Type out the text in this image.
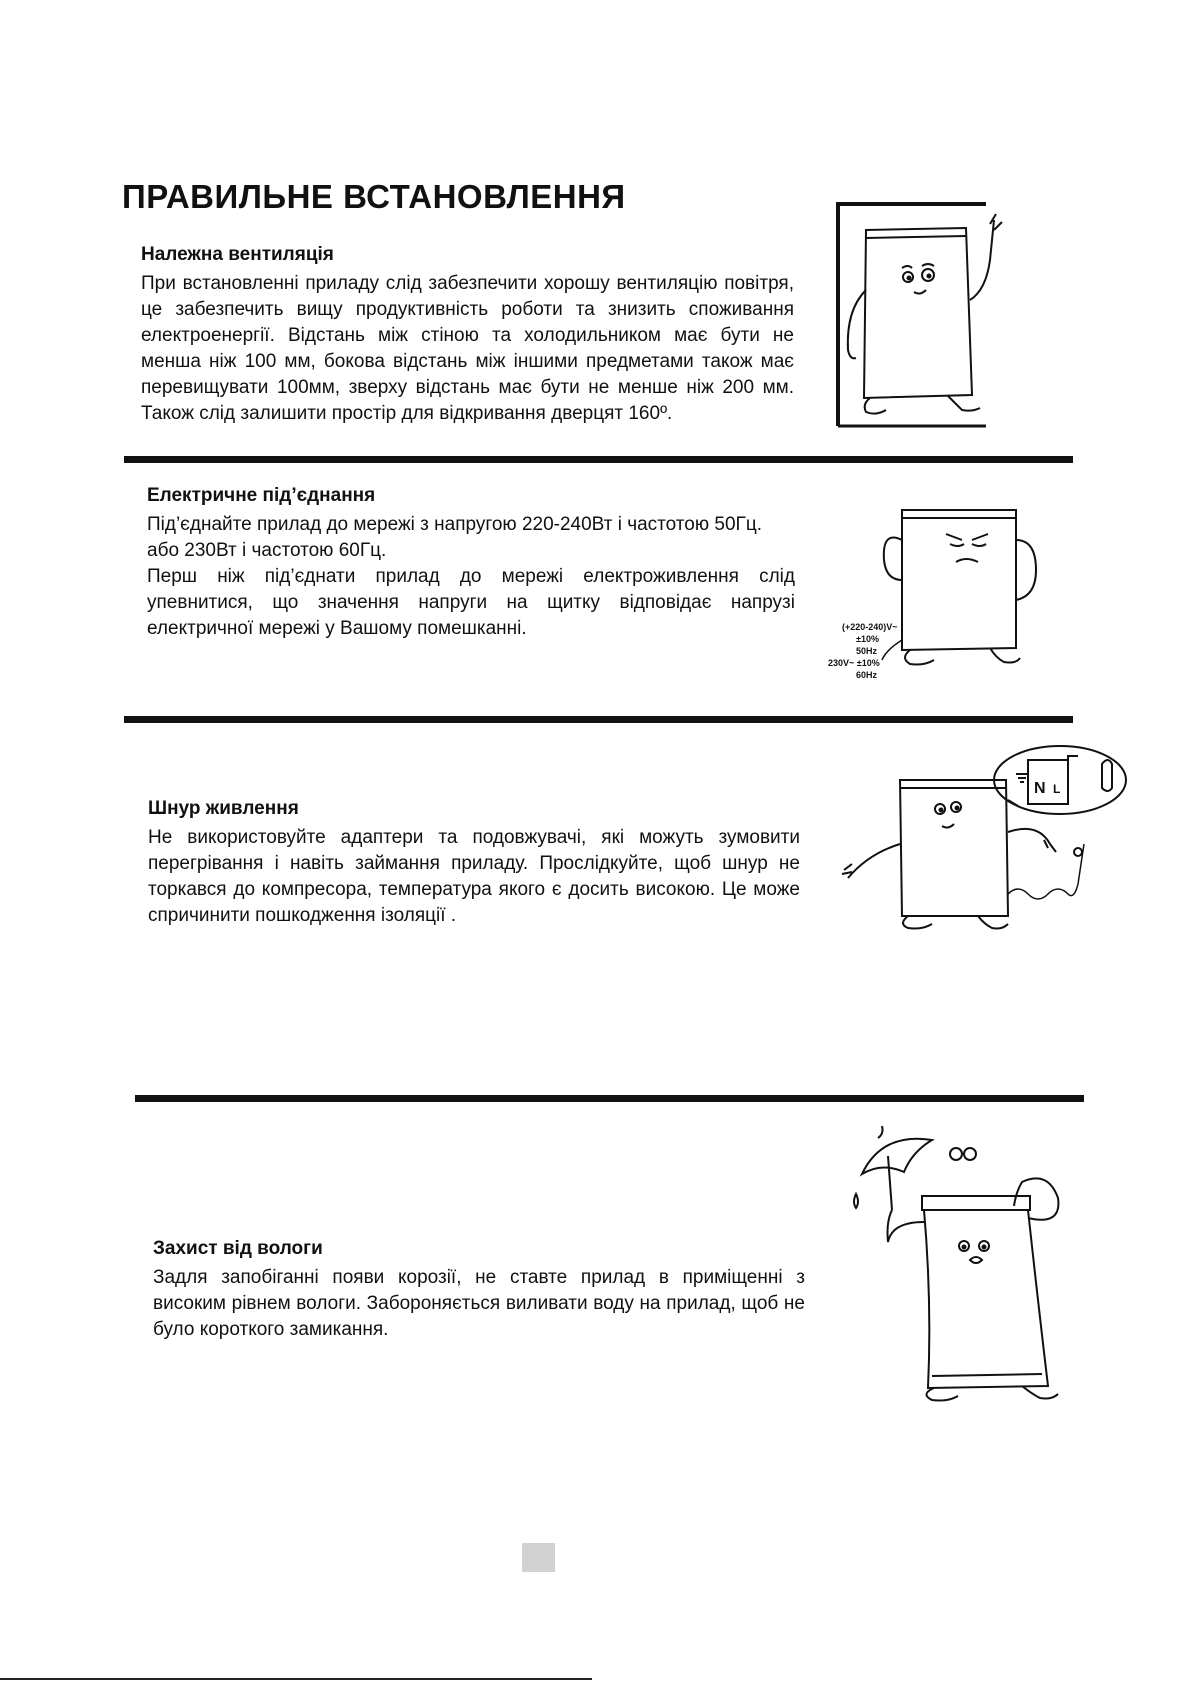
ПРАВИЛЬНЕ ВСТАНОВЛЕННЯ
Належна вентиляція

При встановленні приладу слід забезпечити хорошу вентиляцію повітря, це забезпечить вищу продуктивність роботи та знизить споживання електроенергії. Відстань між стіною та холодильником має бути не менша ніж 100 мм, бокова відстань між іншими предметами також має перевищувати 100мм, зверху відстань має бути не менше ніж 200 мм. Також слід залишити простір для відкривання дверцят 160º.

Електричне під’єднання

Під’єднайте прилад до мережі з напругою 220-240Вт і частотою 50Гц. або 230Вт і частотою 60Гц.

Перш ніж під’єднати прилад до мережі електроживлення слід упевнитися, що значення напруги на щитку відповідає напрузі електричної мережі у Вашому помешканні.	(+220-240)V~
±10%
50Hz
230V~ ±10%
60Hz
Шнур живлення

Не використовуйте адаптери та подовжувачі, які можуть зумовити перегрівання і навіть займання приладу. Прослідкуйте, щоб шнур не торкався до компресора, температура якого є досить високою. Це може спричинити пошкодження ізоляції .

N L
Захист від вологи

Задля запобіганні появи корозії, не ставте прилад в приміщенні з високим рівнем вологи. Забороняється виливати воду на прилад, щоб не було короткого замикання.
